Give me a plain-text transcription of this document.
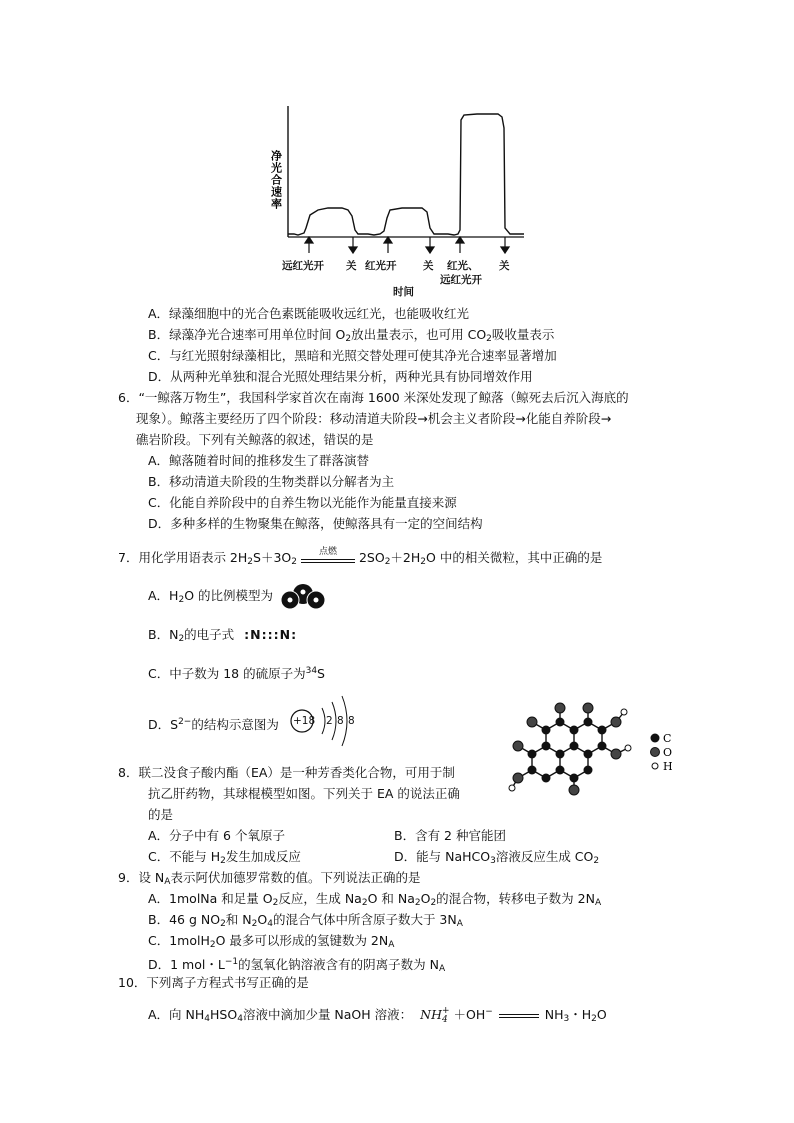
净光合速率
远红光开 关 红光开	关 红光、
远红光开
关
时间
A．绿藻细胞中的光合色素既能吸收远红光，也能吸收红光
B．绿藻净光合速率可用单位时间 $O_2$放出量表示，也可用 $CO_2$吸收量表示
C．与红光照射绿藻相比，黑暗和光照交替处理可使其净光合速率显著增加
D．从两种光单独和混合光照处理结果分析，两种光具有协同增效作用
6．“一鲸落万物生”，我国科学家首次在南海 1600 米深处发现了鲸落（鲸死去后沉入海底的
现象）。鲸落主要经历了四个阶段：移动清道夫阶段→机会主义者阶段→化能自养阶段→
礁岩阶段。下列有关鲸落的叙述，错误的是
A．鲸落随着时间的推移发生了群落演替
B．移动清道夫阶段的生物类群以分解者为主
C．化能自养阶段中的自养生物以光能作为能量直接来源
D．多种多样的生物聚集在鲸落，使鲸落具有一定的空间结构
7．用化学用语表示 $2H_2S+3O_2$
点燃	$2SO_2+2H_2O$ 中的相关微粒，其中正确的是
A．$H_2O$ 的比例模型为
B．$N_2$的电子式 :N:::N:
C．中子数为 18 的硫原子为$^{34}$S
D．$S^{2-}$的结构示意图为 +18 2 8 8
8．联二没食子酸内酯（EA）是一种芳香类化合物，可用于制
抗乙肝药物，其球棍模型如图。下列关于 EA 的说法正确
的是
A．分子中有 6 个氧原子	B．含有 2 种官能团
C．不能与 $H_2$发生加成反应	D．能与 NaHCO$_3$溶液反应生成 $CO_2$
C
O
H
9．设 $N_A$表示阿伏加德罗常数的值。下列说法正确的是
A．1molNa 和足量 $O_2$反应，生成 $Na_2O$ 和 $Na_2O_2$的混合物，转移电子数为 $2N_A$
B．46 g $NO_2$和 $N_2O_4$的混合气体中所含原子数大于 $3N_A$
C．1molH$_2$O 最多可以形成的氢键数为 $2N_A$
D．1 mol・$L^{-1}$的氢氧化钠溶液含有的阴离子数为 $N_A$
10．下列离子方程式书写正确的是
A．向 $NH_4HSO_4$溶液中滴加少量 NaOH 溶液： NH +
4 ＋OH−	$NH_3$・$H_2O$
